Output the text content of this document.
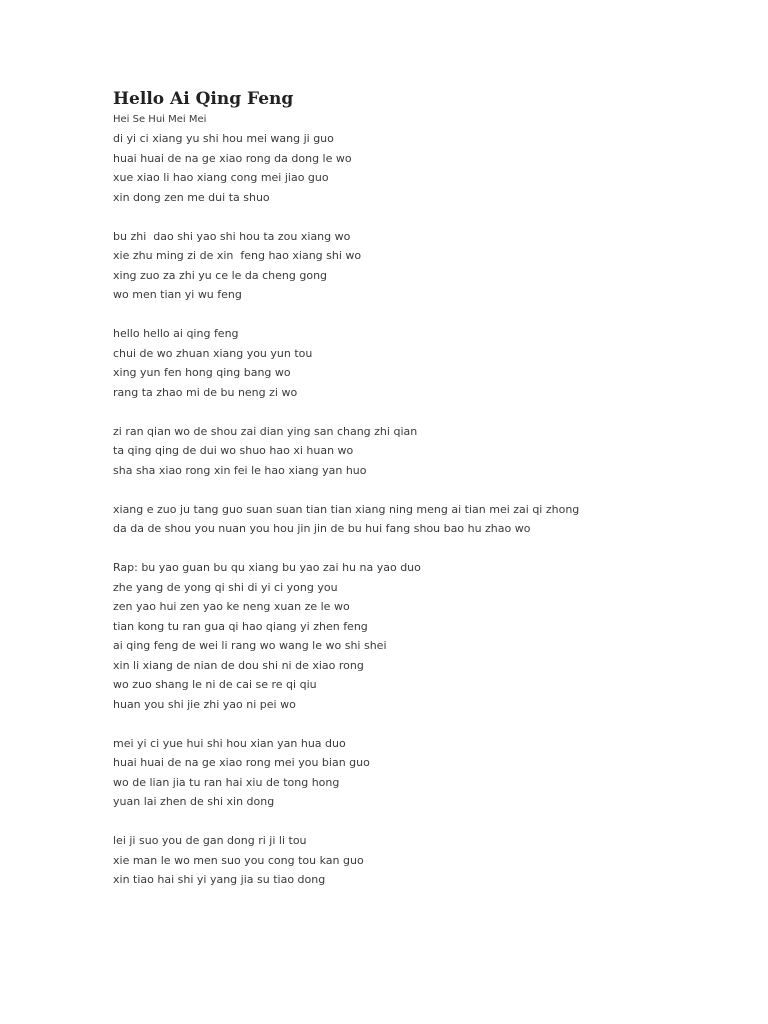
Hello Ai Qing Feng
Hei Se Hui Mei Mei
di yi ci xiang yu shi hou mei wang ji guo
huai huai de na ge xiao rong da dong le wo
xue xiao li hao xiang cong mei jiao guo
xin dong zen me dui ta shuo
bu zhi  dao shi yao shi hou ta zou xiang wo
xie zhu ming zi de xin  feng hao xiang shi wo
xing zuo za zhi yu ce le da cheng gong
wo men tian yi wu feng
hello hello ai qing feng
chui de wo zhuan xiang you yun tou
xing yun fen hong qing bang wo
rang ta zhao mi de bu neng zi wo
zi ran qian wo de shou zai dian ying san chang zhi qian
ta qing qing de dui wo shuo hao xi huan wo
sha sha xiao rong xin fei le hao xiang yan huo
xiang e zuo ju tang guo suan suan tian tian xiang ning meng ai tian mei zai qi zhong
da da de shou you nuan you hou jin jin de bu hui fang shou bao hu zhao wo
Rap: bu yao guan bu qu xiang bu yao zai hu na yao duo
zhe yang de yong qi shi di yi ci yong you
zen yao hui zen yao ke neng xuan ze le wo
tian kong tu ran gua qi hao qiang yi zhen feng
ai qing feng de wei li rang wo wang le wo shi shei
xin li xiang de nian de dou shi ni de xiao rong
wo zuo shang le ni de cai se re qi qiu
huan you shi jie zhi yao ni pei wo
mei yi ci yue hui shi hou xian yan hua duo
huai huai de na ge xiao rong mei you bian guo
wo de lian jia tu ran hai xiu de tong hong
yuan lai zhen de shi xin dong
lei ji suo you de gan dong ri ji li tou
xie man le wo men suo you cong tou kan guo
xin tiao hai shi yi yang jia su tiao dong
